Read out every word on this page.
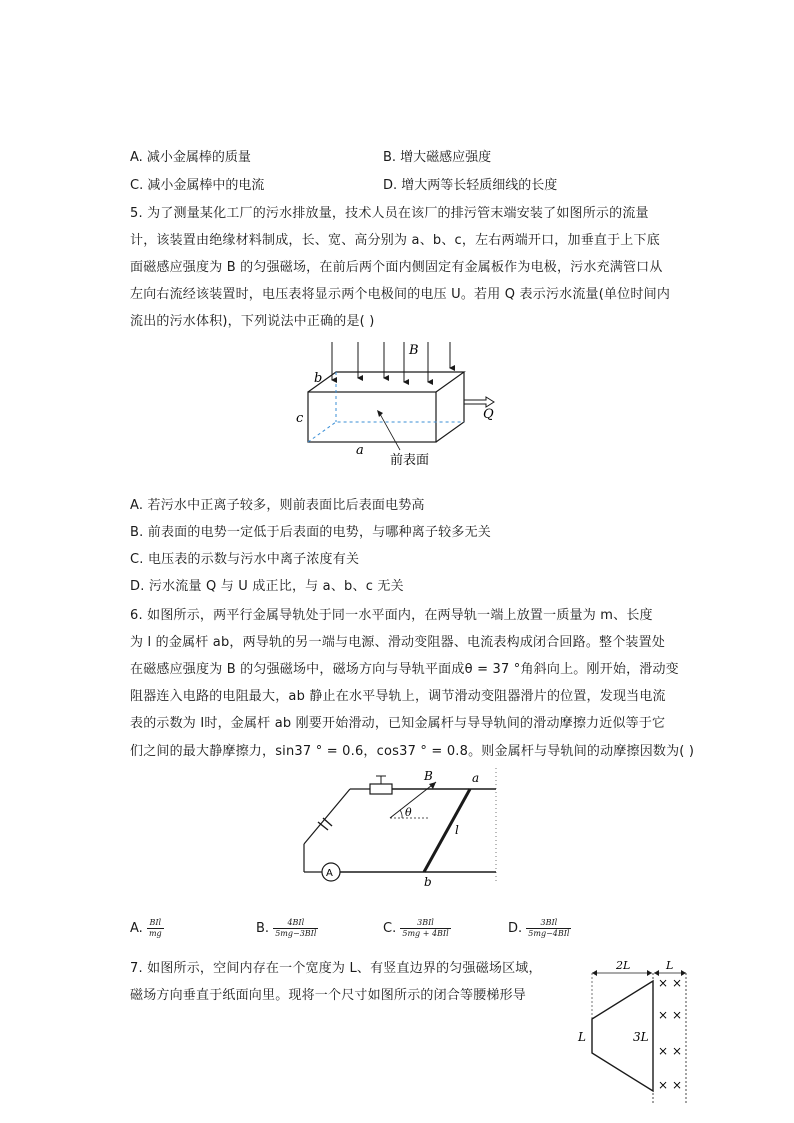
A. 减小金属棒的质量	B. 增大磁感应强度
C. 减小金属棒中的电流	D. 增大两等长轻质细线的长度
5. 为了测量某化工厂的污水排放量，技术人员在该厂的排污管末端安装了如图所示的流量
计，该装置由绝缘材料制成，长、宽、高分别为 a、b、c，左右两端开口，加垂直于上下底
面磁感应强度为 B 的匀强磁场，在前后两个面内侧固定有金属板作为电极，污水充满管口从
左向右流经该装置时，电压表将显示两个电极间的电压 U。若用 Q 表示污水流量(单位时间内
流出的污水体积)，下列说法中正确的是( )
B
b
c
a
Q
前表面
A. 若污水中正离子较多，则前表面比后表面电势高
B. 前表面的电势一定低于后表面的电势，与哪种离子较多无关
C. 电压表的示数与污水中离子浓度有关
D. 污水流量 Q 与 U 成正比，与 a、b、c 无关
6. 如图所示，两平行金属导轨处于同一水平面内，在两导轨一端上放置一质量为 m、长度
为 l 的金属杆 ab，两导轨的另一端与电源、滑动变阻器、电流表构成闭合回路。整个装置处
在磁感应强度为 B 的匀强磁场中，磁场方向与导轨平面成θ = 37 °角斜向上。刚开始，滑动变
阻器连入电路的电阻最大，ab 静止在水平导轨上，调节滑动变阻器滑片的位置，发现当电流
表的示数为 I时，金属杆 ab 刚要开始滑动，已知金属杆与导导轨间的滑动摩擦力近似等于它
们之间的最大静摩擦力，sin37 ° = 0.6，cos37 ° = 0.8。则金属杆与导轨间的动摩擦因数为( )
A
a
b
l
B
θ
A. $\frac{\text{BIl}}{mg}$	B. $\frac{\text{4BIl}}{\text{5mg−3BIl}}$	C. $\frac{\text{3BIl}}{\text{5mg + 4BIl}}$	D. $\frac{\text{3BIl}}{\text{5mg−4BIl}}$
7. 如图所示，空间内存在一个宽度为 L、有竖直边界的匀强磁场区域，
磁场方向垂直于纸面向里。现将一个尺寸如图所示的闭合等腰梯形导
2L	L
L	3L
× ×
× ×
× ×
× ×
